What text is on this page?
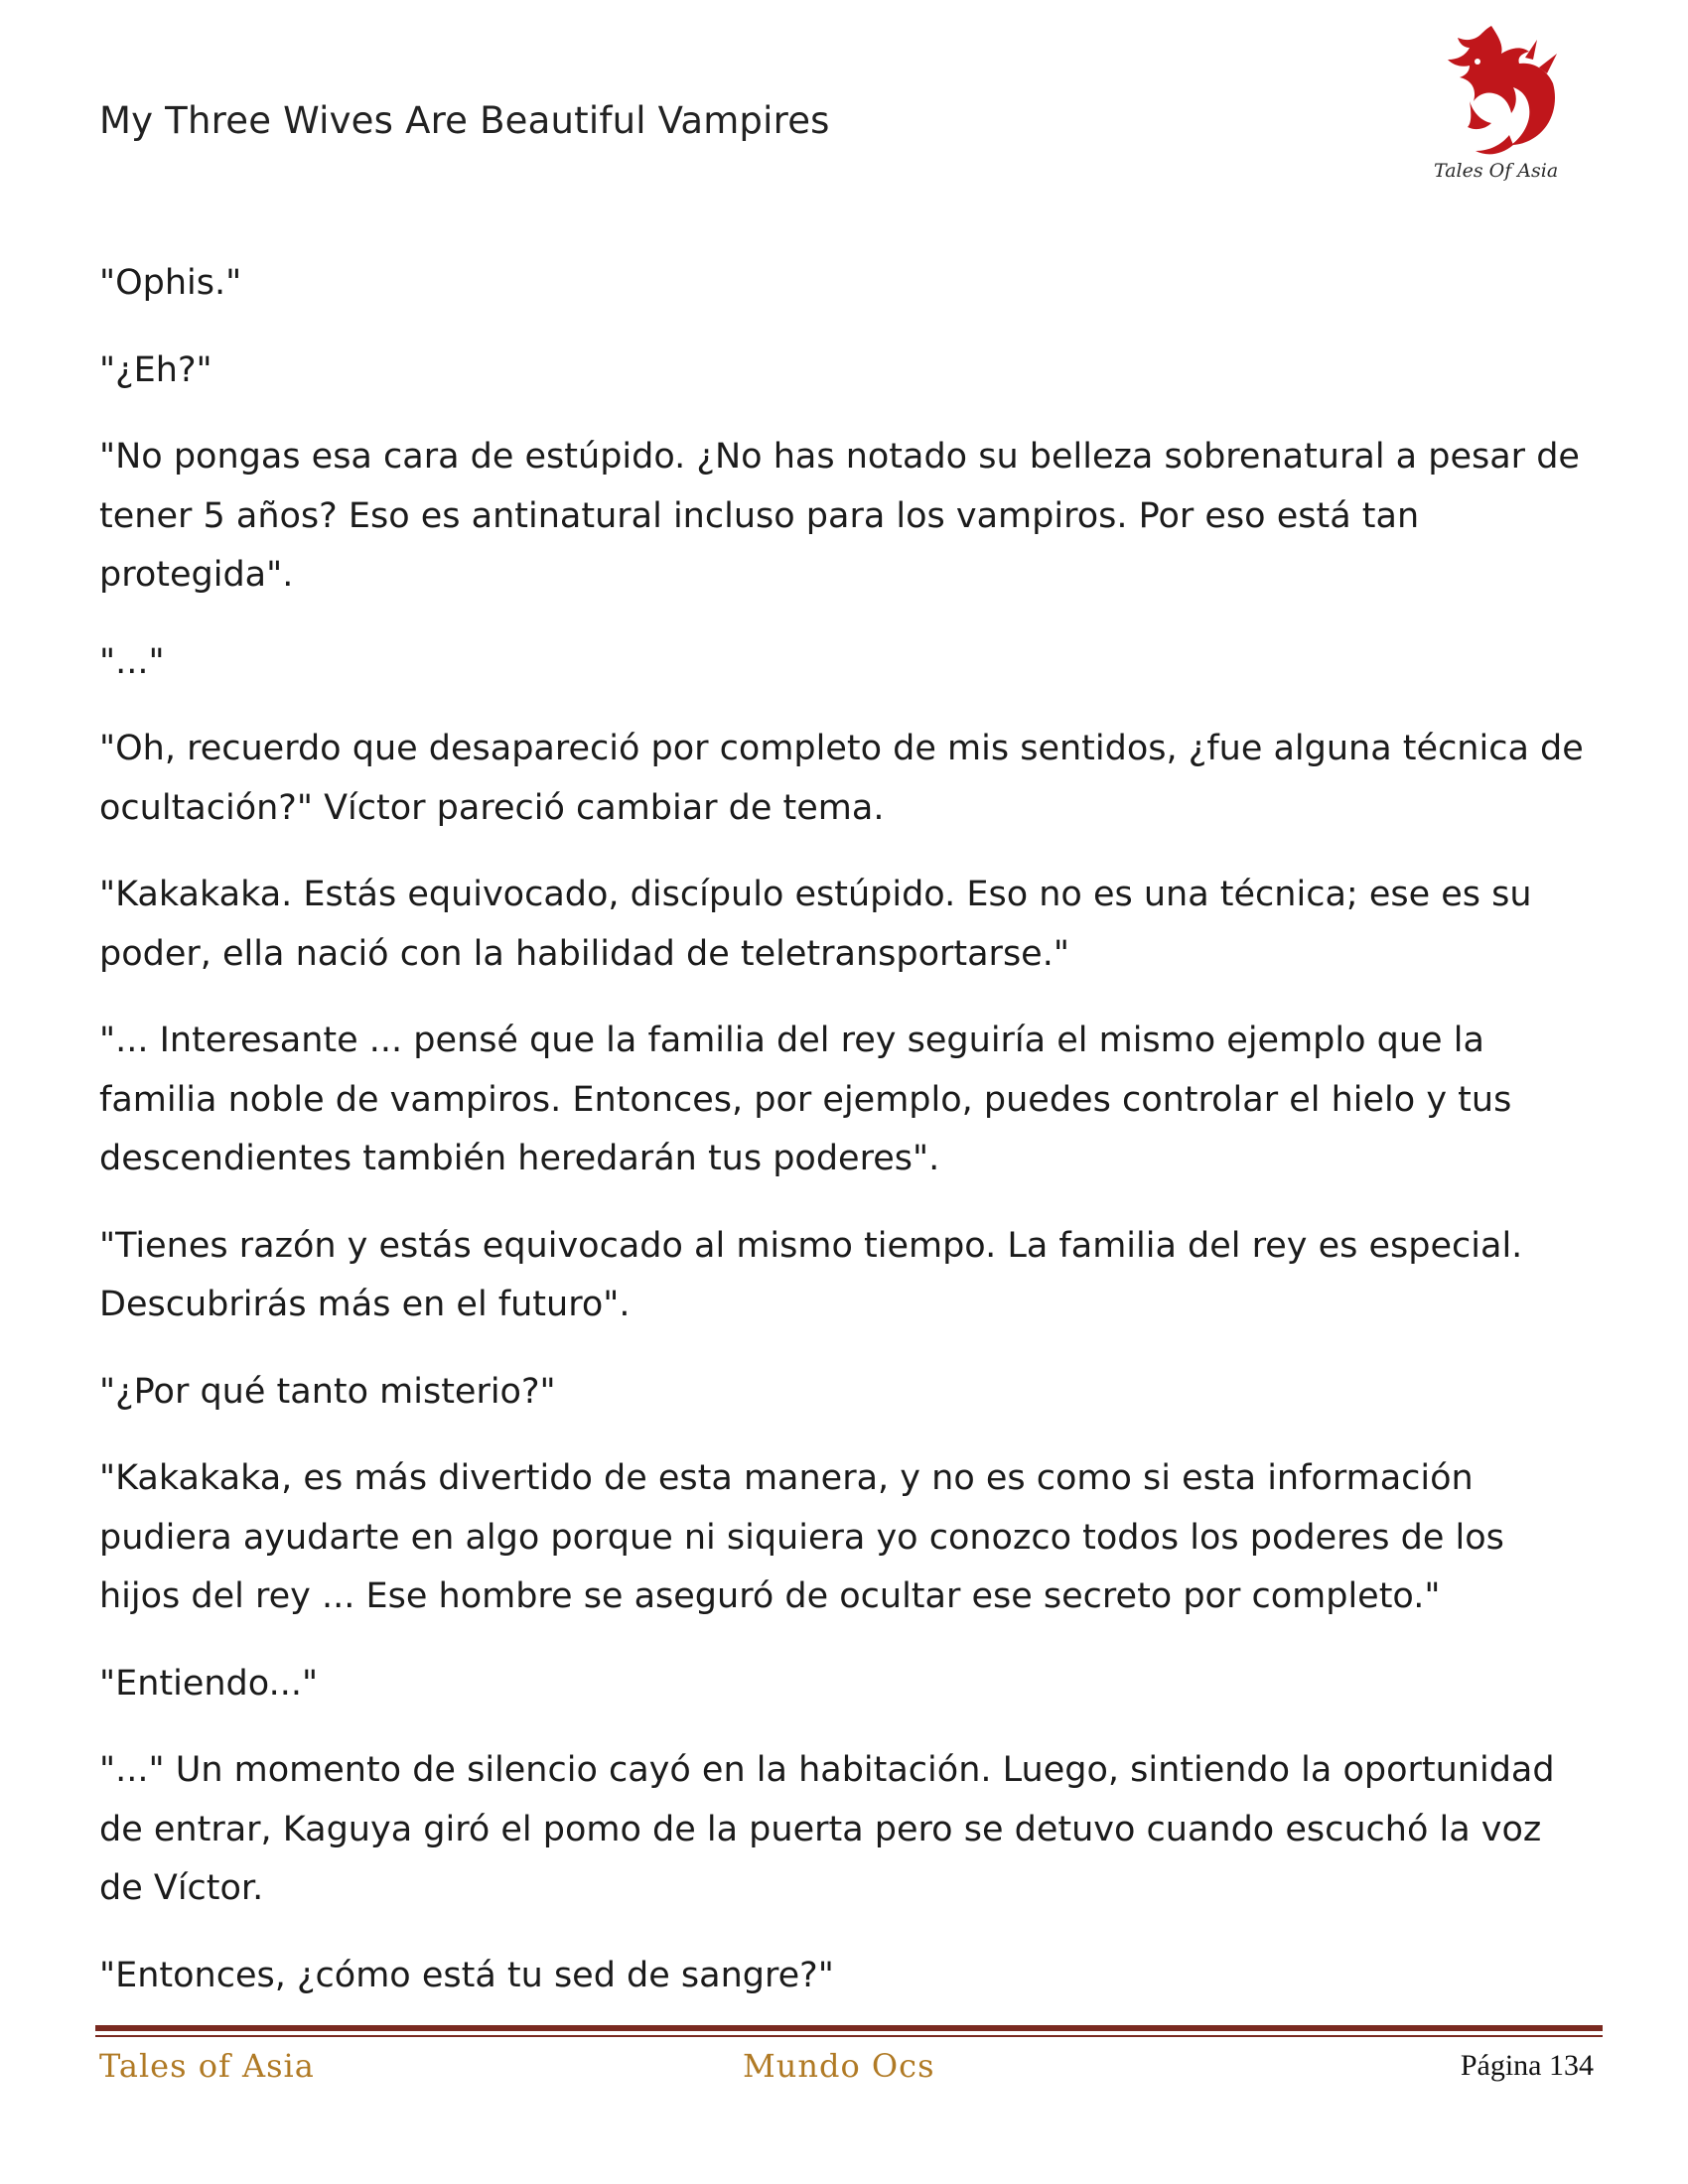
My Three Wives Are Beautiful Vampires
Tales Of Asia

"Ophis."

"¿Eh?"

"No pongas esa cara de estúpido. ¿No has notado su belleza sobrenatural a pesar de tener 5 años? Eso es antinatural incluso para los vampiros. Por eso está tan protegida".

"..."

"Oh, recuerdo que desapareció por completo de mis sentidos, ¿fue alguna técnica de ocultación?" Víctor pareció cambiar de tema.

"Kakakaka. Estás equivocado, discípulo estúpido. Eso no es una técnica; ese es su poder, ella nació con la habilidad de teletransportarse."

"... Interesante ... pensé que la familia del rey seguiría el mismo ejemplo que la familia noble de vampiros. Entonces, por ejemplo, puedes controlar el hielo y tus descendientes también heredarán tus poderes".

"Tienes razón y estás equivocado al mismo tiempo. La familia del rey es especial. Descubrirás más en el futuro".

"¿Por qué tanto misterio?"

"Kakakaka, es más divertido de esta manera, y no es como si esta información pudiera ayudarte en algo porque ni siquiera yo conozco todos los poderes de los hijos del rey ... Ese hombre se aseguró de ocultar ese secreto por completo."

"Entiendo..."

"..." Un momento de silencio cayó en la habitación. Luego, sintiendo la oportunidad de entrar, Kaguya giró el pomo de la puerta pero se detuvo cuando escuchó la voz de Víctor.

"Entonces, ¿cómo está tu sed de sangre?"

Tales of Asia	Mundo Ocs	Página 134
